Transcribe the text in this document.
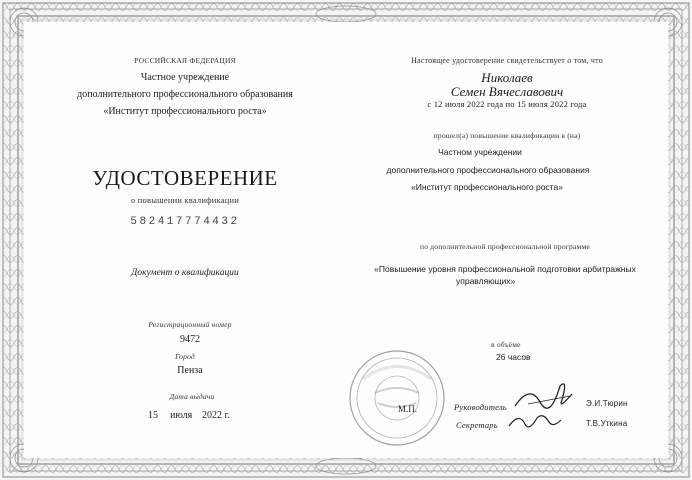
РОССИЙСКАЯ ФЕДЕРАЦИЯ
Частное учреждение
дополнительного профессионального образования
«Институт профессионального роста»
УДОСТОВЕРЕНИЕ
о повышении квалификации
582417774432
Документ о квалификации
Регистрационный номер
9472
Город
Пенза
Дата выдачи
15 июля 2022 г.
Настоящее удостоверение свидетельствует о том, что
Николаев
Семен Вячеславович
с 12 июля 2022 года по 15 июля 2022 года
прошел(а) повышение квалификации в (на)
Частном учреждении
дополнительного профессионального образования
«Институт профессионального роста»
по дополнительной профессиональной программе
«Повышение уровня профессиональной подготовки арбитражных
управляющих»
в объёме
26 часов
М.П.	Руководитель	Э.И.Тюрин
Секретарь	Т.В.Уткина
